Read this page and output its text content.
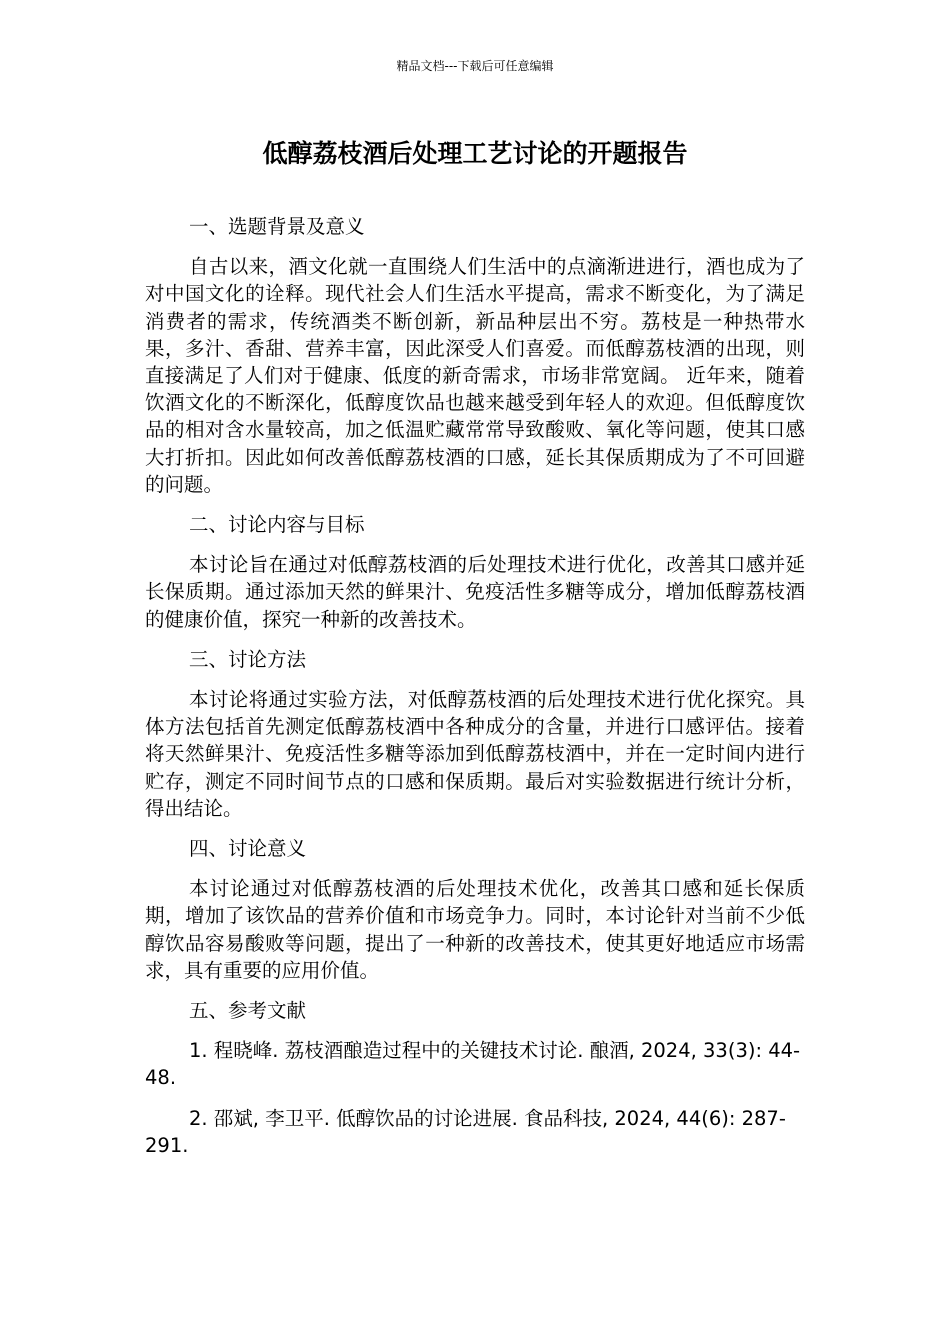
精品文档---下载后可任意编辑
低醇荔枝酒后处理工艺讨论的开题报告

一、选题背景及意义

自古以来，酒文化就一直围绕人们生活中的点滴渐进进行，酒也成为了对中国文化的诠释。现代社会人们生活水平提高，需求不断变化，为了满足消费者的需求，传统酒类不断创新，新品种层出不穷。荔枝是一种热带水果，多汁、香甜、营养丰富，因此深受人们喜爱。而低醇荔枝酒的出现，则直接满足了人们对于健康、低度的新奇需求，市场非常宽阔。 近年来，随着饮酒文化的不断深化，低醇度饮品也越来越受到年轻人的欢迎。但低醇度饮品的相对含水量较高，加之低温贮藏常常导致酸败、氧化等问题，使其口感大打折扣。因此如何改善低醇荔枝酒的口感，延长其保质期成为了不可回避的问题。

二、讨论内容与目标

本讨论旨在通过对低醇荔枝酒的后处理技术进行优化，改善其口感并延长保质期。通过添加天然的鲜果汁、免疫活性多糖等成分，增加低醇荔枝酒的健康价值，探究一种新的改善技术。

三、讨论方法

本讨论将通过实验方法，对低醇荔枝酒的后处理技术进行优化探究。具体方法包括首先测定低醇荔枝酒中各种成分的含量，并进行口感评估。接着将天然鲜果汁、免疫活性多糖等添加到低醇荔枝酒中，并在一定时间内进行贮存，测定不同时间节点的口感和保质期。最后对实验数据进行统计分析，得出结论。

四、讨论意义

本讨论通过对低醇荔枝酒的后处理技术优化，改善其口感和延长保质期，增加了该饮品的营养价值和市场竞争力。同时，本讨论针对当前不少低醇饮品容易酸败等问题，提出了一种新的改善技术，使其更好地适应市场需求，具有重要的应用价值。

五、参考文献

1. 程晓峰. 荔枝酒酿造过程中的关键技术讨论. 酿酒, 2024, 33(3): 44-48.

2. 邵斌, 李卫平. 低醇饮品的讨论进展. 食品科技, 2024, 44(6): 287-291.
